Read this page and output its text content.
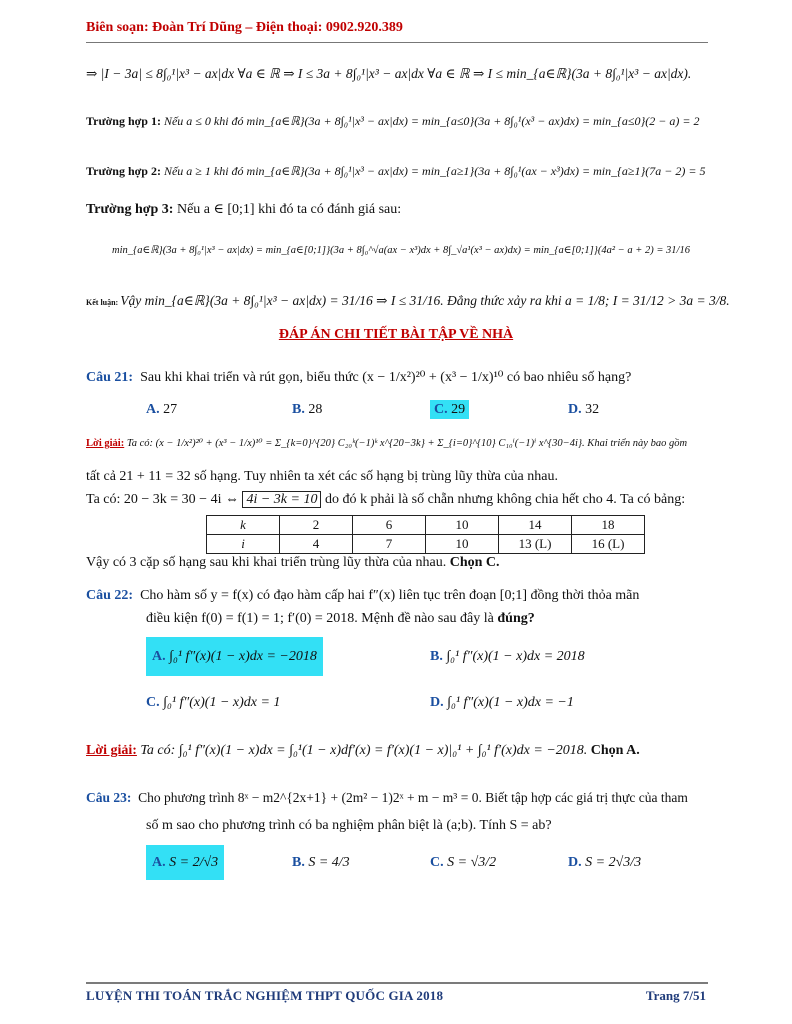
Biên soạn: Đoàn Trí Dũng – Điện thoại: 0902.920.389
⇒ |I − 3a| ≤ 8∫₀¹|x³ − ax|dx ∀a ∈ ℝ ⇒ I ≤ 3a + 8∫₀¹|x³ − ax|dx ∀a ∈ ℝ ⇒ I ≤ min_{a∈ℝ}(3a + 8∫₀¹|x³ − ax|dx).
Trường hợp 1: Nếu a ≤ 0 khi đó min_{a∈ℝ}(3a + 8∫₀¹|x³ − ax|dx) = min_{a≤0}(3a + 8∫₀¹(x³ − ax)dx) = min_{a≤0}(2 − a) = 2
Trường hợp 2: Nếu a ≥ 1 khi đó min_{a∈ℝ}(3a + 8∫₀¹|x³ − ax|dx) = min_{a≥1}(3a + 8∫₀¹(ax − x³)dx) = min_{a≥1}(7a − 2) = 5
Trường hợp 3: Nếu a ∈ [0;1] khi đó ta có đánh giá sau:
min_{a∈ℝ}(3a + 8∫₀¹|x³ − ax|dx) = min_{a∈[0;1]}(3a + 8∫₀^√a(ax − x³)dx + 8∫_√a¹(x³ − ax)dx) = min_{a∈[0;1]}(4a² − a + 2) = 31/16
Kết luận: Vậy min_{a∈ℝ}(3a + 8∫₀¹|x³ − ax|dx) = 31/16 ⇒ I ≤ 31/16. Đẳng thức xảy ra khi a = 1/8; I = 31/12 > 3a = 3/8.
ĐÁP ÁN CHI TIẾT BÀI TẬP VỀ NHÀ
Câu 21: Sau khi khai triển và rút gọn, biểu thức (x − 1/x²)²⁰ + (x³ − 1/x)¹⁰ có bao nhiêu số hạng?
A. 27	B. 28	C. 29	D. 32
Lời giải: Ta có: (x − 1/x²)²⁰ + (x³ − 1/x)¹⁰ = Σ_{k=0}^{20} C₂₀ᵏ(−1)ᵏ x^{20−3k} + Σ_{i=0}^{10} C₁₀ⁱ(−1)ⁱ x^{30−4i}. Khai triển này bao gồm
tất cả 21 + 11 = 32 số hạng. Tuy nhiên ta xét các số hạng bị trùng lũy thừa của nhau.
Ta có: 20 − 3k = 30 − 4i ⇔ 4i − 3k = 10 do đó k phải là số chẵn nhưng không chia hết cho 4. Ta có bảng:
k	2	6	10	14	18
i	4	7	10	13 (L)	16 (L)
Vậy có 3 cặp số hạng sau khi khai triển trùng lũy thừa của nhau. Chọn C.
Câu 22: Cho hàm số y = f(x) có đạo hàm cấp hai f″(x) liên tục trên đoạn [0;1] đồng thời thỏa mãn
điều kiện f(0) = f(1) = 1; f′(0) = 2018. Mệnh đề nào sau đây là đúng?
A. ∫₀¹ f″(x)(1 − x)dx = −2018	B. ∫₀¹ f″(x)(1 − x)dx = 2018
C. ∫₀¹ f″(x)(1 − x)dx = 1	D. ∫₀¹ f″(x)(1 − x)dx = −1
Lời giải: Ta có: ∫₀¹ f″(x)(1 − x)dx = ∫₀¹(1 − x)df′(x) = f′(x)(1 − x)|₀¹ + ∫₀¹ f′(x)dx = −2018. Chọn A.
Câu 23: Cho phương trình 8ˣ − m2^{2x+1} + (2m² − 1)2ˣ + m − m³ = 0. Biết tập hợp các giá trị thực của tham
số m sao cho phương trình có ba nghiệm phân biệt là (a;b). Tính S = ab?
A. S = 2/√3	B. S = 4/3	C. S = √3/2	D. S = 2√3/3
LUYỆN THI TOÁN TRẮC NGHIỆM THPT QUỐC GIA 2018	Trang 7/51
